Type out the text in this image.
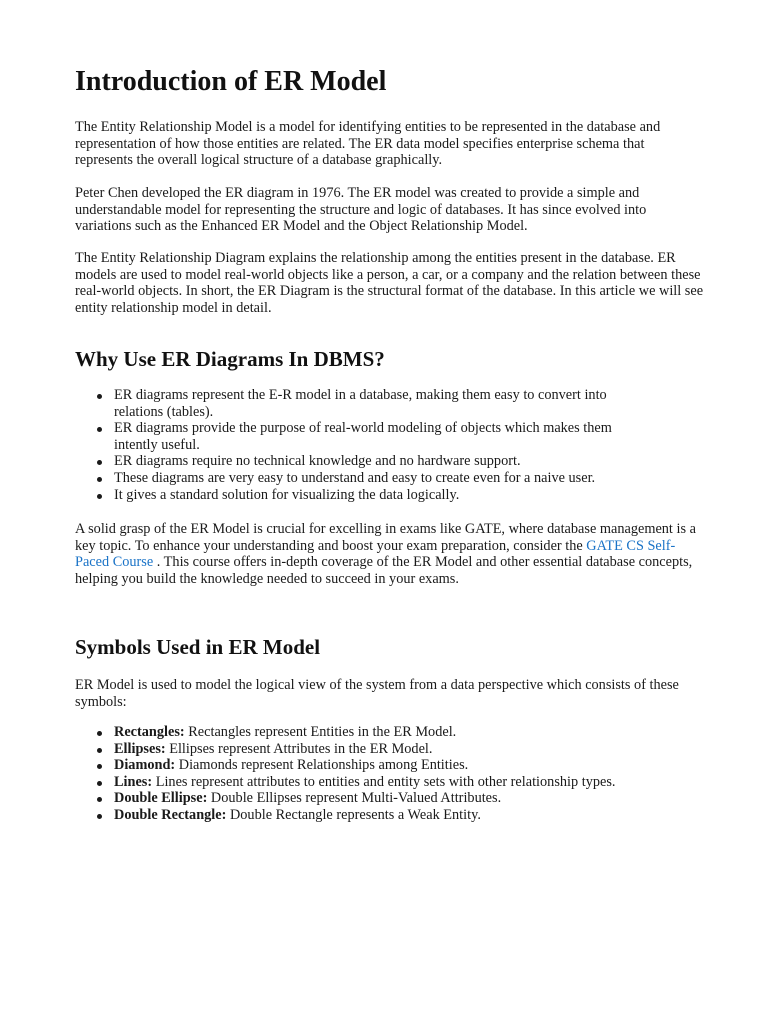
Introduction of ER Model

The Entity Relationship Model is a model for identifying entities to be represented in the database and representation of how those entities are related. The ER data model specifies enterprise schema that represents the overall logical structure of a database graphically.

Peter Chen developed the ER diagram in 1976. The ER model was created to provide a simple and understandable model for representing the structure and logic of databases. It has since evolved into variations such as the Enhanced ER Model and the Object Relationship Model.

The Entity Relationship Diagram explains the relationship among the entities present in the database. ER models are used to model real-world objects like a person, a car, or a company and the relation between these real-world objects. In short, the ER Diagram is the structural format of the database. In this article we will see entity relationship model in detail.

Why Use ER Diagrams In DBMS?
ER diagrams represent the E-R model in a database, making them easy to convert into relations (tables).
ER diagrams provide the purpose of real-world modeling of objects which makes them intently useful.
ER diagrams require no technical knowledge and no hardware support.
These diagrams are very easy to understand and easy to create even for a naive user.
It gives a standard solution for visualizing the data logically.

A solid grasp of the ER Model is crucial for excelling in exams like GATE, where database management is a key topic. To enhance your understanding and boost your exam preparation, consider the GATE CS Self-Paced Course . This course offers in-depth coverage of the ER Model and other essential database concepts, helping you build the knowledge needed to succeed in your exams.

Symbols Used in ER Model

ER Model is used to model the logical view of the system from a data perspective which consists of these symbols:

Rectangles: Rectangles represent Entities in the ER Model.
Ellipses: Ellipses represent Attributes in the ER Model.
Diamond: Diamonds represent Relationships among Entities.
Lines: Lines represent attributes to entities and entity sets with other relationship types.
Double Ellipse: Double Ellipses represent Multi-Valued Attributes.
Double Rectangle: Double Rectangle represents a Weak Entity.
